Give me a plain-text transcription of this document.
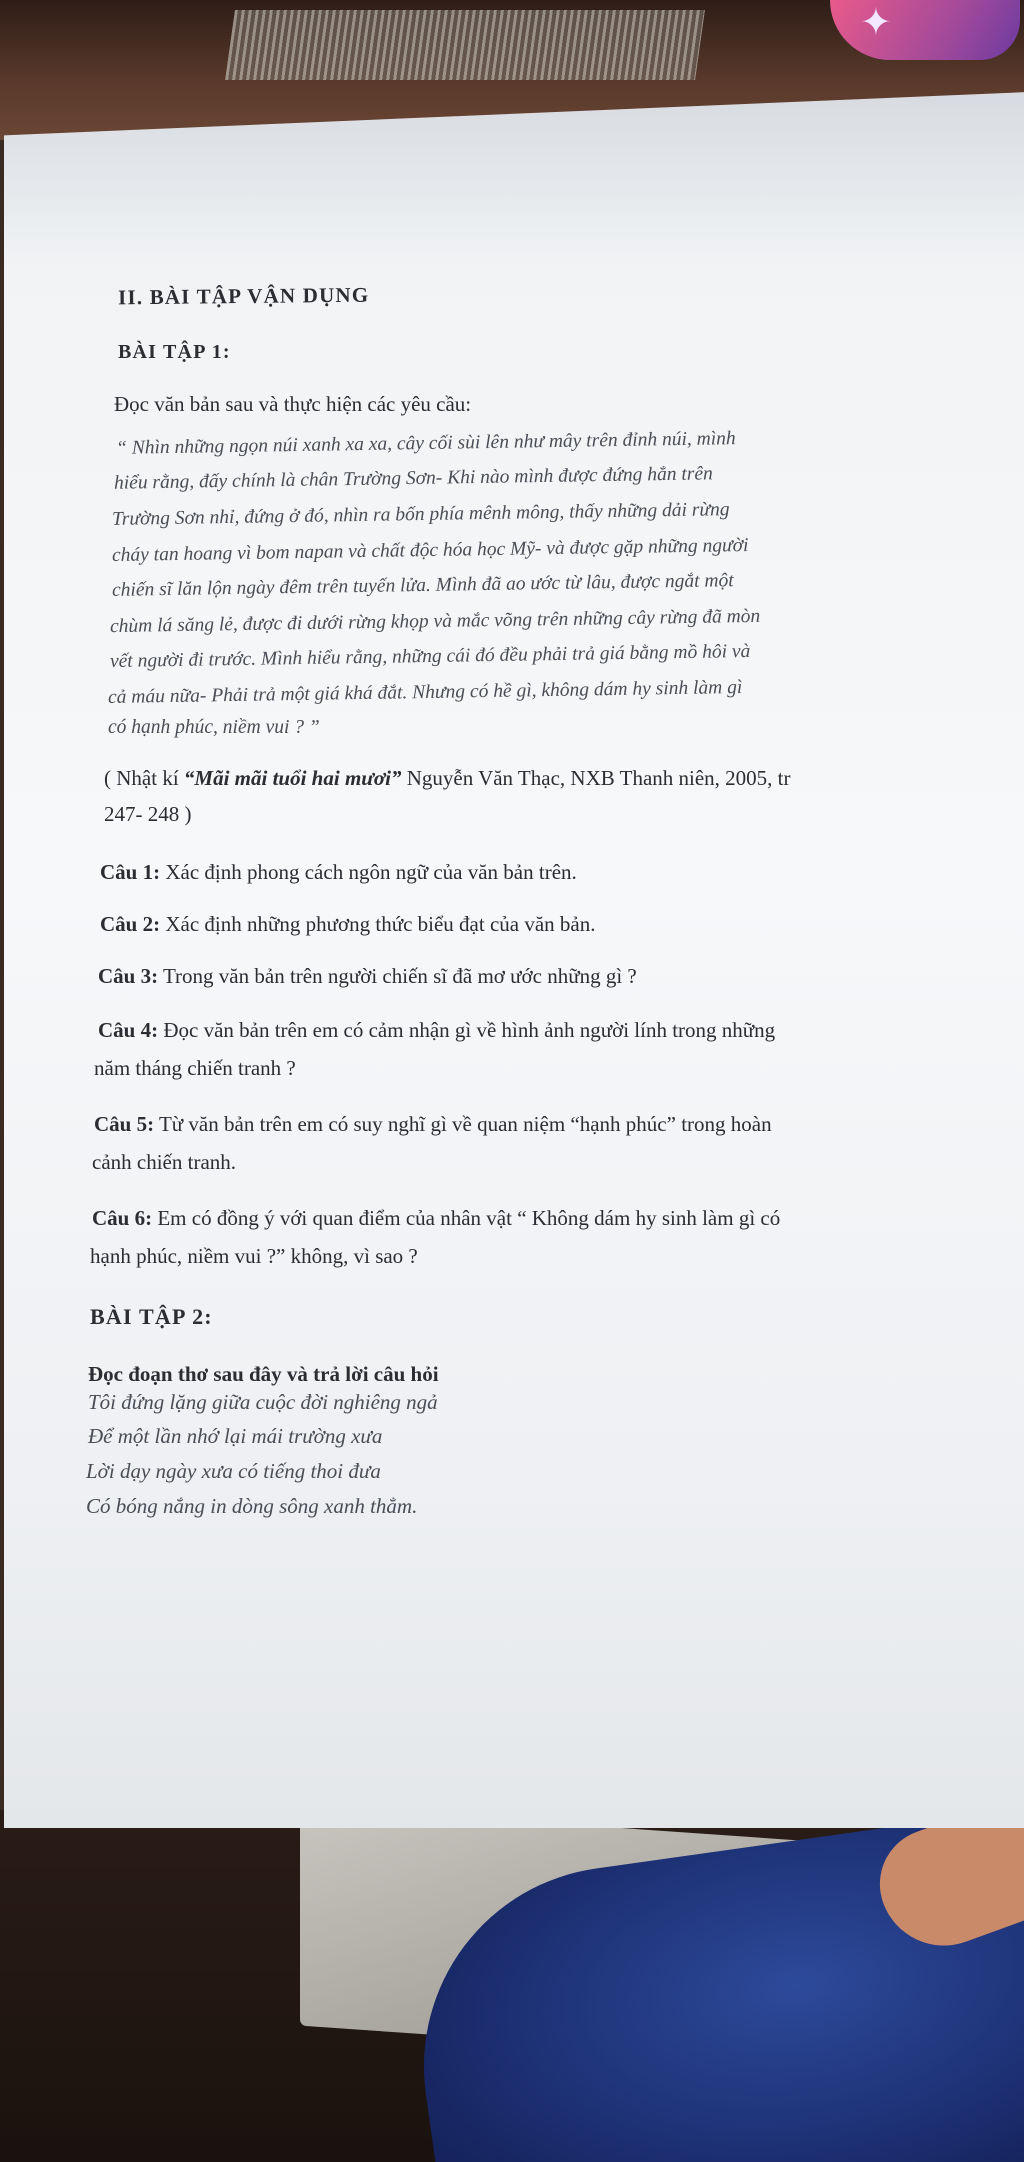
✦
II. BÀI TẬP VẬN DỤNG
BÀI TẬP 1:
Đọc văn bản sau và thực hiện các yêu cầu:
“ Nhìn những ngọn núi xanh xa xa, cây cối sùi lên như mây trên đỉnh núi, mình
hiểu rằng, đấy chính là chân Trường Sơn- Khi nào mình được đứng hẳn trên
Trường Sơn nhỉ, đứng ở đó, nhìn ra bốn phía mênh mông, thấy những dải rừng
cháy tan hoang vì bom napan và chất độc hóa học Mỹ- và được gặp những người
chiến sĩ lăn lộn ngày đêm trên tuyến lửa. Mình đã ao ước từ lâu, được ngắt một
chùm lá săng lẻ, được đi dưới rừng khọp và mắc võng trên những cây rừng đã mòn
vết người đi trước. Mình hiểu rằng, những cái đó đều phải trả giá bằng mồ hôi và
cả máu nữa- Phải trả một giá khá đắt. Nhưng có hề gì, không dám hy sinh làm gì
có hạnh phúc, niềm vui ? ”
( Nhật kí “Mãi mãi tuổi hai mươi” Nguyễn Văn Thạc, NXB Thanh niên, 2005, tr
247- 248 )
Câu 1: Xác định phong cách ngôn ngữ của văn bản trên.
Câu 2: Xác định những phương thức biểu đạt của văn bản.
Câu 3: Trong văn bản trên người chiến sĩ đã mơ ước những gì ?
Câu 4: Đọc văn bản trên em có cảm nhận gì về hình ảnh người lính trong những
năm tháng chiến tranh ?
Câu 5: Từ văn bản trên em có suy nghĩ gì về quan niệm “hạnh phúc” trong hoàn
cảnh chiến tranh.
Câu 6: Em có đồng ý với quan điểm của nhân vật “ Không dám hy sinh làm gì có
hạnh phúc, niềm vui ?” không, vì sao ?
BÀI TẬP 2:
Đọc đoạn thơ sau đây và trả lời câu hỏi
Tôi đứng lặng giữa cuộc đời nghiêng ngả
Để một lần nhớ lại mái trường xưa
Lời dạy ngày xưa có tiếng thoi đưa
Có bóng nắng in dòng sông xanh thẳm.
